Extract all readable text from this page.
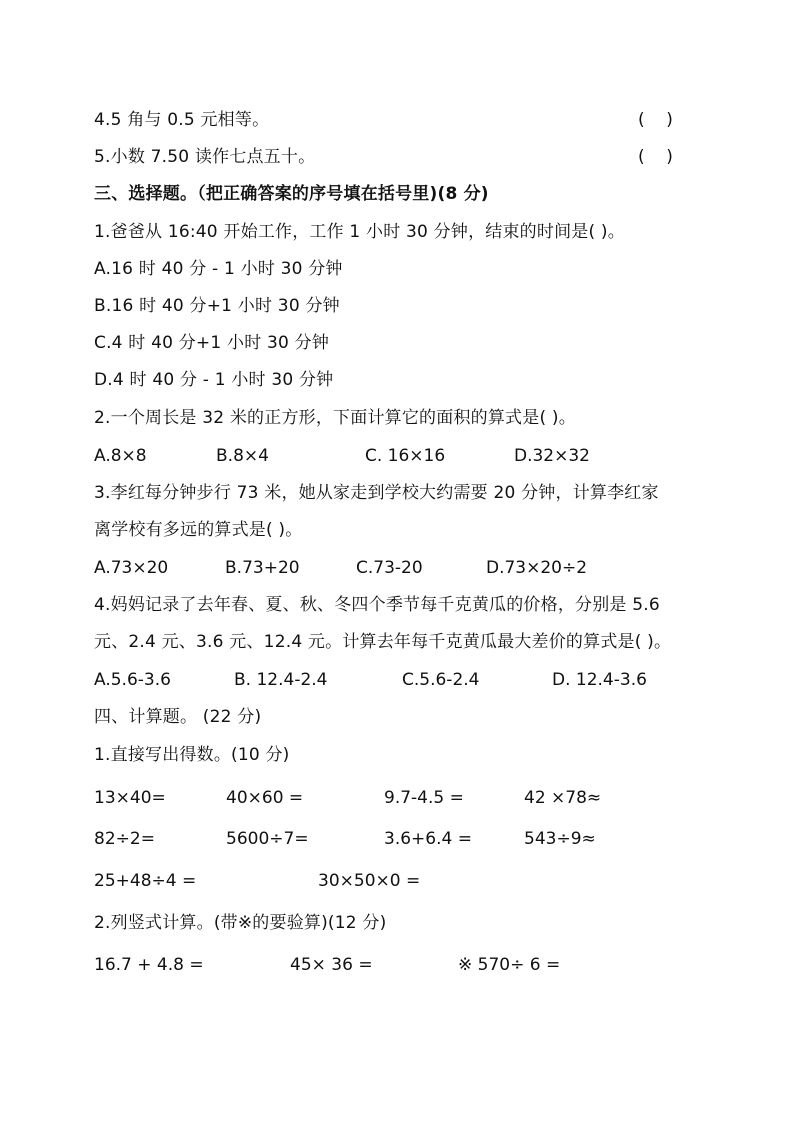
4.5 角与 0.5 元相等。	(    )
5.小数 7.50 读作七点五十。	(    )
三、选择题。（把正确答案的序号填在括号里)(8 分)
1.爸爸从 16:40 开始工作，工作 1 小时 30 分钟，结束的时间是( )。
A.16 时 40 分 - 1 小时 30 分钟
B.16 时 40 分+1 小时 30 分钟
C.4 时 40 分+1 小时 30 分钟
D.4 时 40 分 - 1 小时 30 分钟
2.一个周长是 32 米的正方形，下面计算它的面积的算式是( )。
A.8×8	B.8×4	C. 16×16	D.32×32
3.李红每分钟步行 73 米，她从家走到学校大约需要 20 分钟，计算李红家
离学校有多远的算式是( )。
A.73×20	B.73+20	C.73-20	D.73×20÷2
4.妈妈记录了去年春、夏、秋、冬四个季节每千克黄瓜的价格，分别是 5.6
元、2.4 元、3.6 元、12.4 元。计算去年每千克黄瓜最大差价的算式是( )。
A.5.6-3.6	B. 12.4-2.4	C.5.6-2.4	D. 12.4-3.6
四、计算题。 (22 分)
1.直接写出得数。(10 分)
13×40=	40×60 =	9.7-4.5 =	42 ×78≈
82÷2=	5600÷7=	3.6+6.4 =	543÷9≈
25+48÷4 =	30×50×0 =
2.列竖式计算。(带※的要验算)(12 分)
16.7 + 4.8 =	45× 36 =	※ 570÷ 6 =
